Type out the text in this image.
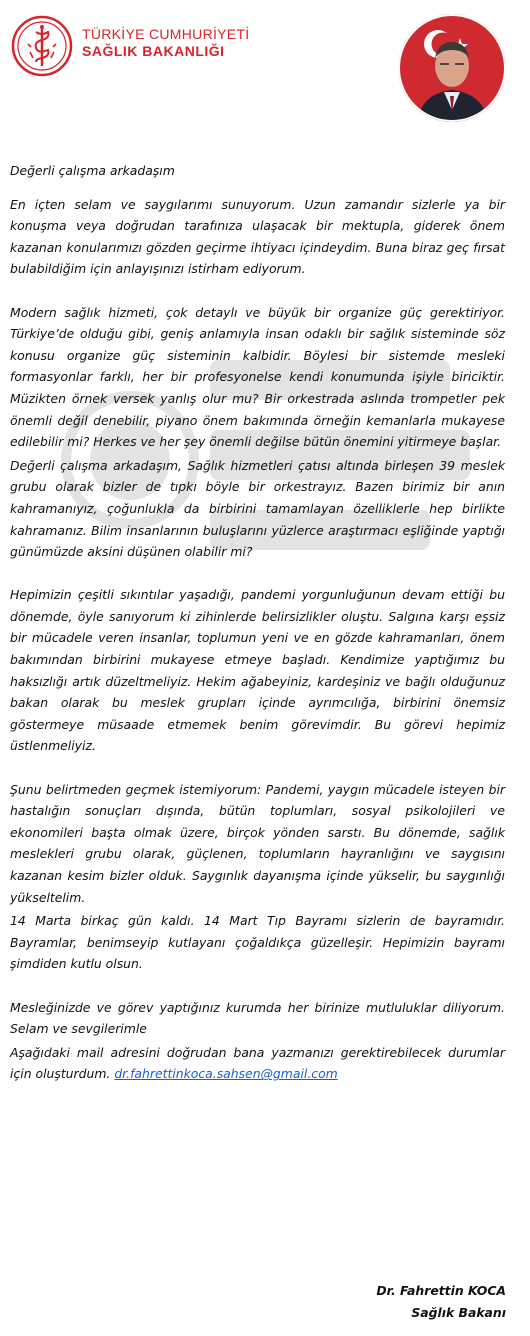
TÜRKİYE CUMHURİYETİ
SAĞLIK BAKANLIĞI

Değerli çalışma arkadaşım

En içten selam ve saygılarımı sunuyorum. Uzun zamandır sizlerle ya bir konuşma veya doğrudan tarafınıza ulaşacak bir mektupla, giderek önem kazanan konularımızı gözden geçirme ihtiyacı içindeydim. Buna biraz geç fırsat bulabildiğim için anlayışınızı istirham ediyorum.

Modern sağlık hizmeti, çok detaylı ve büyük bir organize güç gerektiriyor. Türkiye’de olduğu gibi, geniş anlamıyla insan odaklı bir sağlık sisteminde söz konusu organize güç sisteminin kalbidir. Böylesi bir sistemde mesleki formasyonlar farklı, her bir profesyonelse kendi konumunda işiyle biriciktir. Müzikten örnek versek yanlış olur mu? Bir orkestrada aslında trompetler pek önemli değil denebilir, piyano önem bakımında örneğin kemanlarla mukayese edilebilir mi? Herkes ve her şey önemli değilse bütün önemini yitirmeye başlar.

Değerli çalışma arkadaşım, Sağlık hizmetleri çatısı altında birleşen 39 meslek grubu olarak bizler de tıpkı böyle bir orkestrayız. Bazen birimiz bir anın kahramanıyız, çoğunlukla da birbirini tamamlayan özelliklerle hep birlikte kahramanız. Bilim insanlarının buluşlarını yüzlerce araştırmacı eşliğinde yaptığı günümüzde aksini düşünen olabilir mi?

Hepimizin çeşitli sıkıntılar yaşadığı, pandemi yorgunluğunun devam ettiği bu dönemde, öyle sanıyorum ki zihinlerde belirsizlikler oluştu. Salgına karşı eşsiz bir mücadele veren insanlar, toplumun yeni ve en gözde kahramanları, önem bakımından birbirini mukayese etmeye başladı. Kendimize yaptığımız bu haksızlığı artık düzeltmeliyiz. Hekim ağabeyiniz, kardeşiniz ve bağlı olduğunuz bakan olarak bu meslek grupları içinde ayrımcılığa, birbirini önemsiz göstermeye müsaade etmemek benim görevimdir. Bu görevi hepimiz üstlenmeliyiz.

Şunu belirtmeden geçmek istemiyorum: Pandemi, yaygın mücadele isteyen bir hastalığın sonuçları dışında, bütün toplumları, sosyal psikolojileri ve ekonomileri başta olmak üzere, birçok yönden sarstı. Bu dönemde, sağlık meslekleri grubu olarak, güçlenen, toplumların hayranlığını ve saygısını kazanan kesim bizler olduk. Saygınlık dayanışma içinde yükselir, bu saygınlığı yükseltelim.

14 Marta birkaç gün kaldı. 14 Mart Tıp Bayramı sizlerin de bayramıdır. Bayramlar, benimseyip kutlayanı çoğaldıkça güzelleşir. Hepimizin bayramı şimdiden kutlu olsun.

Mesleğinizde ve görev yaptığınız kurumda her birinize mutluluklar diliyorum. Selam ve sevgilerimle

Aşağıdaki mail adresini doğrudan bana yazmanızı gerektirebilecek durumlar için oluşturdum. dr.fahrettinkoca.sahsen@gmail.com

Dr. Fahrettin KOCA
Sağlık Bakanı
